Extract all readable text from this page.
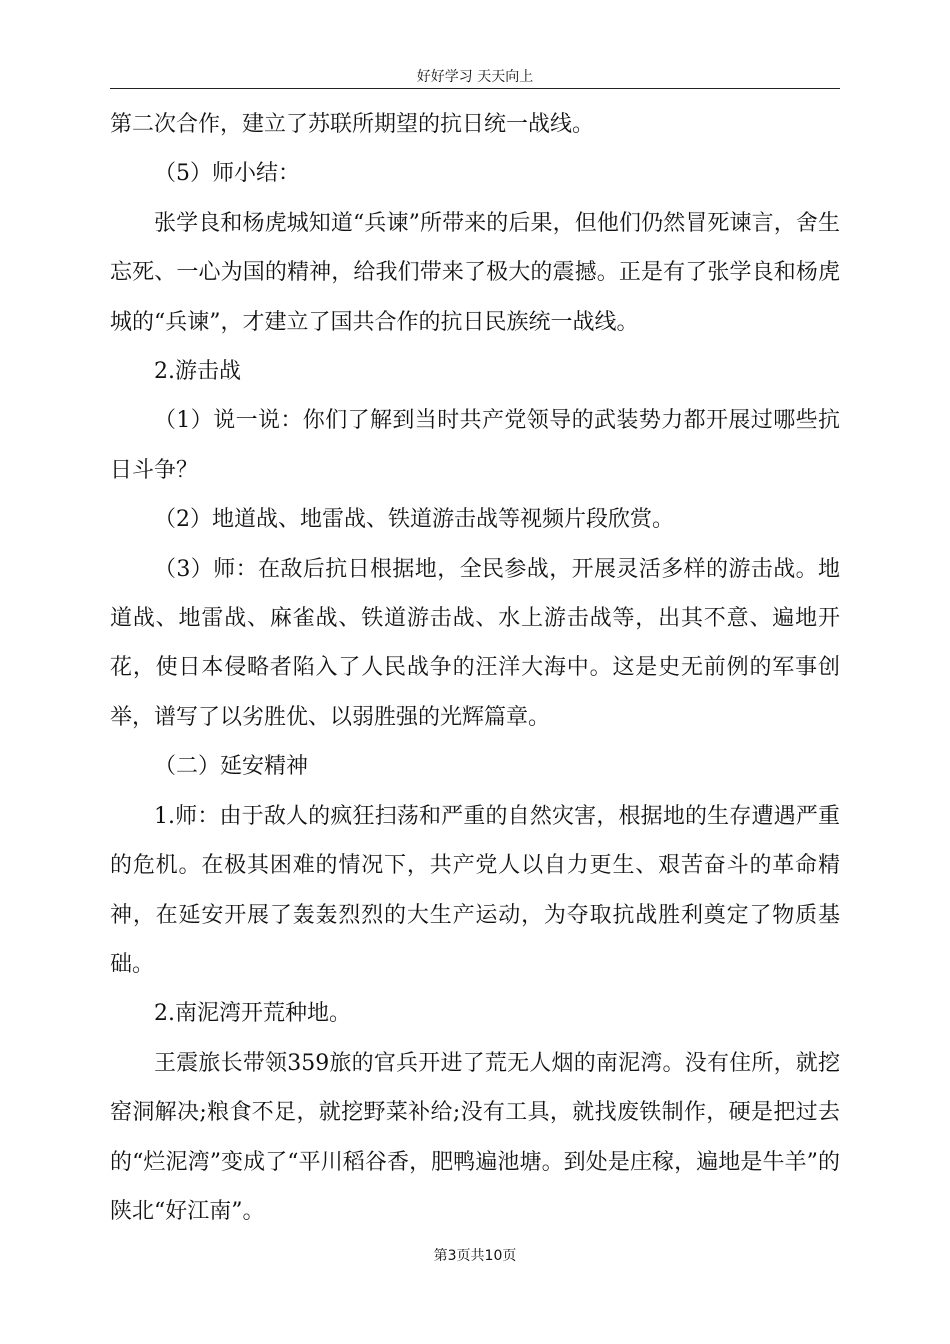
好好学习 天天向上

第二次合作，建立了苏联所期望的抗日统一战线。

（5）师小结：

张学良和杨虎城知道“兵谏”所带来的后果，但他们仍然冒死谏言，舍生忘死、一心为国的精神，给我们带来了极大的震撼。正是有了张学良和杨虎城的“兵谏”，才建立了国共合作的抗日民族统一战线。

2.游击战

（1）说一说：你们了解到当时共产党领导的武装势力都开展过哪些抗日斗争？

（2）地道战、地雷战、铁道游击战等视频片段欣赏。

（3）师：在敌后抗日根据地，全民参战，开展灵活多样的游击战。地道战、地雷战、麻雀战、铁道游击战、水上游击战等，出其不意、遍地开花，使日本侵略者陷入了人民战争的汪洋大海中。这是史无前例的军事创举，谱写了以劣胜优、以弱胜强的光辉篇章。

（二）延安精神

1.师：由于敌人的疯狂扫荡和严重的自然灾害，根据地的生存遭遇严重的危机。在极其困难的情况下，共产党人以自力更生、艰苦奋斗的革命精神，在延安开展了轰轰烈烈的大生产运动，为夺取抗战胜利奠定了物质基础。

2.南泥湾开荒种地。

王震旅长带领359旅的官兵开进了荒无人烟的南泥湾。没有住所，就挖窑洞解决;粮食不足，就挖野菜补给;没有工具，就找废铁制作，硬是把过去的“烂泥湾”变成了“平川稻谷香，肥鸭遍池塘。到处是庄稼，遍地是牛羊”的陕北“好江南”。

第3页共10页
